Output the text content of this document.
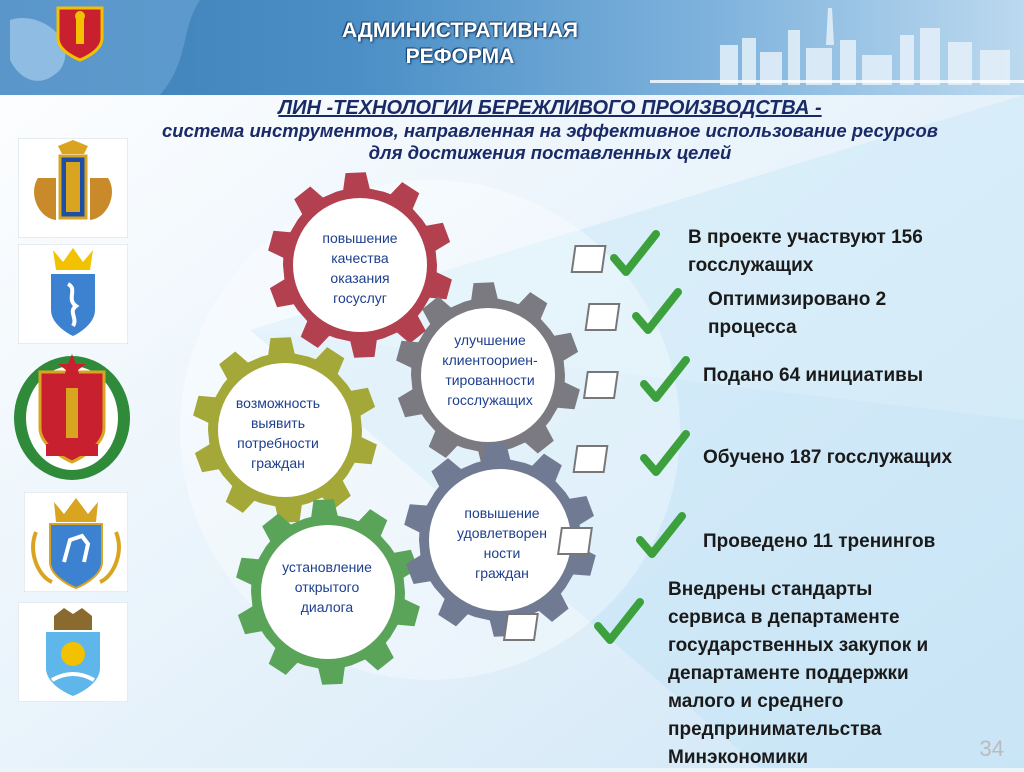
АДМИНИСТРАТИВНАЯ
РЕФОРМА
ЛИН -ТЕХНОЛОГИИ БЕРЕЖЛИВОГО ПРОИЗВОДСТВА -
система инструментов, направленная на эффективное использование ресурсов
для достижения поставленных целей
повышение
качества
оказания
госуслуг
улучшение
клиентоориен-
тированности
госслужащих
возможность
выявить
потребности
граждан
повышение
удовлетворен
ности
граждан
установление
открытого
диалога
В проекте участвуют 156
госслужащих
Оптимизировано 2
процесса
Подано 64 инициативы
Обучено 187 госслужащих
Проведено 11 тренингов
Внедрены стандарты
сервиса в департаменте
государственных закупок и
департаменте поддержки
малого и среднего
предпринимательства
Минэкономики	34
